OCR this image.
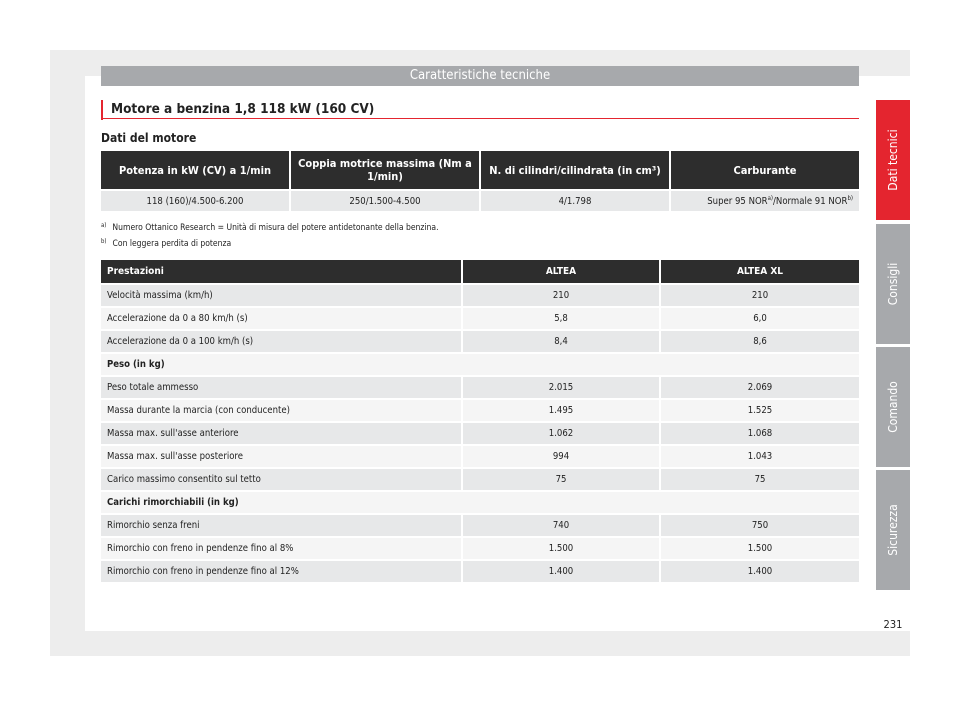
Caratteristiche tecniche
Motore a benzina 1,8 118 kW (160 CV)
Dati del motore
Potenza in kW (CV) a 1/min	Coppia motrice massima (Nm a 1/min)	N. di cilindri/cilindrata (in cm³)	Carburante
118 (160)/4.500-6.200	250/1.500-4.500	4/1.798	Super 95 NOR$^{a)}$/Normale 91 NOR$^{b)}$
$^{a)}$ Numero Ottanico Research = Unità di misura del potere antidetonante della benzina.
$^{b)}$ Con leggera perdita di potenza
Prestazioni	ALTEA	ALTEA XL
Velocità massima (km/h)	210	210
Accelerazione da 0 a 80 km/h (s)	5,8	6,0
Accelerazione da 0 a 100 km/h (s)	8,4	8,6
Peso (in kg)		
Peso totale ammesso	2.015	2.069
Massa durante la marcia (con conducente)	1.495	1.525
Massa max. sull'asse anteriore	1.062	1.068
Massa max. sull'asse posteriore	994	1.043
Carico massimo consentito sul tetto	75	75
Carichi rimorchiabili (in kg)		
Rimorchio senza freni	740	750
Rimorchio con freno in pendenze fino al 8%	1.500	1.500
Rimorchio con freno in pendenze fino al 12%	1.400	1.400
Dati tecnici
Consigli
Comando
Sicurezza
231
